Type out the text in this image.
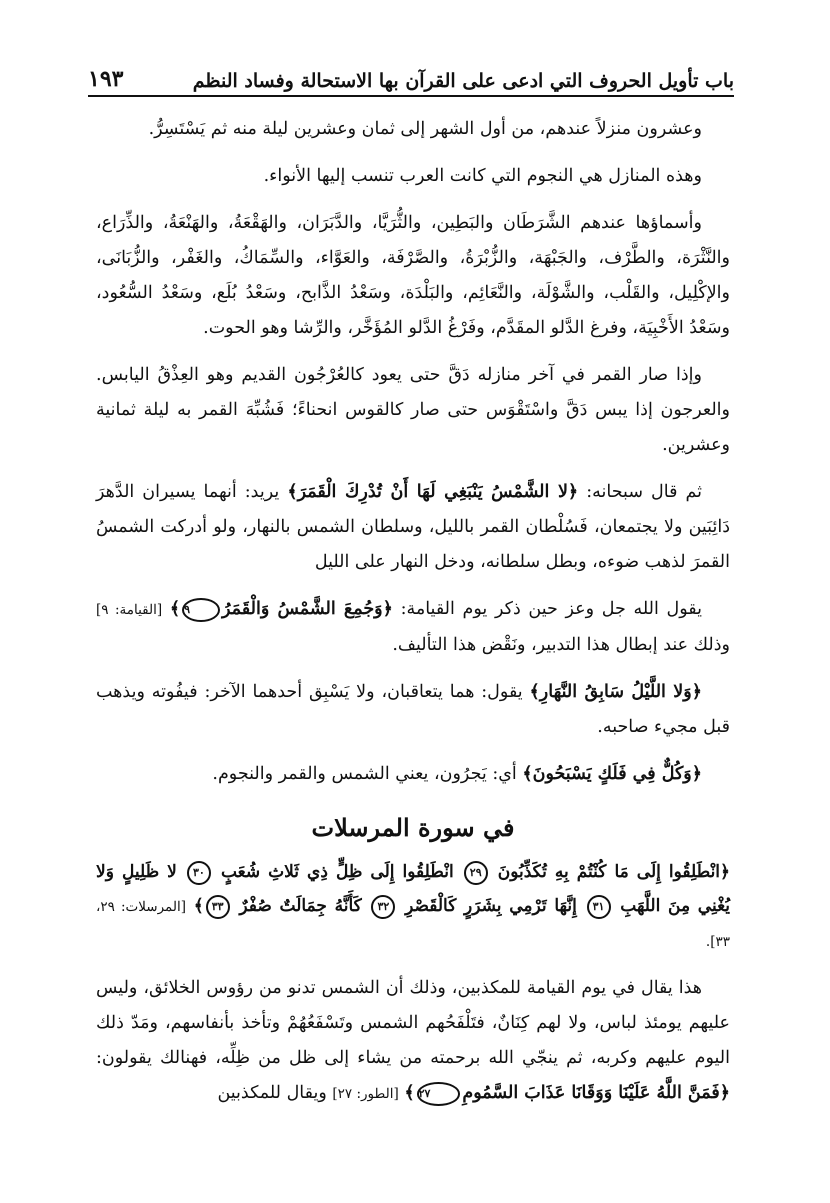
باب تأويل الحروف التي ادعى على القرآن بها الاستحالة وفساد النظم
١٩٣

وعشرون منزلاً عندهم، من أول الشهر إلى ثمان وعشرين ليلة منه ثم يَسْتَسِرُّ.

وهذه المنازل هي النجوم التي كانت العرب تنسب إليها الأنواء.

وأسماؤها عندهم الشَّرَطَان والبَطِين، والثُّرَيَّا، والدَّبَرَان، والهَقْعَةُ، والهَنْعَةُ، والذِّرَاع، والنَّثْرَة، والطَّرْف، والجَبْهَة، والزُّبْرَةُ، والصَّرْفَة، والعَوَّاء، والسِّمَاكُ، والغَفْر، والزُّبَانَى، والإكْلِيل، والقَلْب، والشَّوْلَة، والنَّعَائِم، والبَلْدَة، وسَعْدُ الذَّابح، وسَعْدُ بُلَع، وسَعْدُ السُّعُود، وسَعْدُ الأَخْبِيَة، وفرغ الدَّلو المقَدَّم، وفَرْغُ الدَّلو المُؤَخَّر، والرِّشا وهو الحوت.

وإذا صار القمر في آخر منازله دَقَّ حتى يعود كالعُرْجُون القديم وهو العِذْقُ اليابس. والعرجون إذا يبس دَقَّ واسْتَقْوَس حتى صار كالقوس انحناءً؛ فَشُبِّهَ القمر به ليلة ثمانية وعشرين.

ثم قال سبحانه: ﴿لا الشَّمْسُ يَنْبَغِي لَهَا أَنْ تُدْرِكَ الْقَمَرَ﴾ يريد: أنهما يسيران الدَّهرَ دَائِبَين ولا يجتمعان، فَسُلْطان القمر بالليل، وسلطان الشمس بالنهار، ولو أدركت الشمسُ القمرَ لذهب ضوءه، وبطل سلطانه، ودخل النهار على الليل

يقول الله جل وعز حين ذكر يوم القيامة: ﴿وَجُمِعَ الشَّمْسُ وَالْقَمَرُ٩﴾ [القيامة: ٩] وذلك عند إبطال هذا التدبير، ونَقْض هذا التأليف.

﴿وَلا اللَّيْلُ سَابِقُ النَّهَارِ﴾ يقول: هما يتعاقبان، ولا يَسْبِق أحدهما الآخر: فيفُوته ويذهب قبل مجيء صاحبه.

﴿وَكُلٌّ فِي فَلَكٍ يَسْبَحُونَ﴾ أي: يَجرُون، يعني الشمس والقمر والنجوم.

في سورة المرسلات

﴿انْطَلِقُوا إِلَى مَا كُنْتُمْ بِهِ تُكَذِّبُونَ ٢٩ انْطَلِقُوا إِلَى ظِلٍّ ذِي ثَلاثِ شُعَبٍ ٣٠ لا ظَلِيلٍ وَلا يُغْنِي مِنَ اللَّهَبِ ٣١ إِنَّهَا تَرْمِي بِشَرَرٍ كَالْقَصْرِ ٣٢ كَأَنَّهُ جِمَالَتٌ صُفْرٌ ٣٣﴾ [المرسلات: ٢٩، ٣٣].

هذا يقال في يوم القيامة للمكذبين، وذلك أن الشمس تدنو من رؤوس الخلائق، وليس عليهم يومئذ لباس، ولا لهم كِنَانٌ، فتَلْفَحُهم الشمس وتَسْفَعُهُمْ وتأخذ بأنفاسهم، ومَدّ ذلك اليوم عليهم وكربه، ثم ينجّي الله برحمته من يشاء إلى ظل من ظِلِّه، فهنالك يقولون: ﴿فَمَنَّ اللَّهُ عَلَيْنَا وَوَقَانَا عَذَابَ السَّمُومِ٢٧﴾ [الطور: ٢٧] ويقال للمكذبين
